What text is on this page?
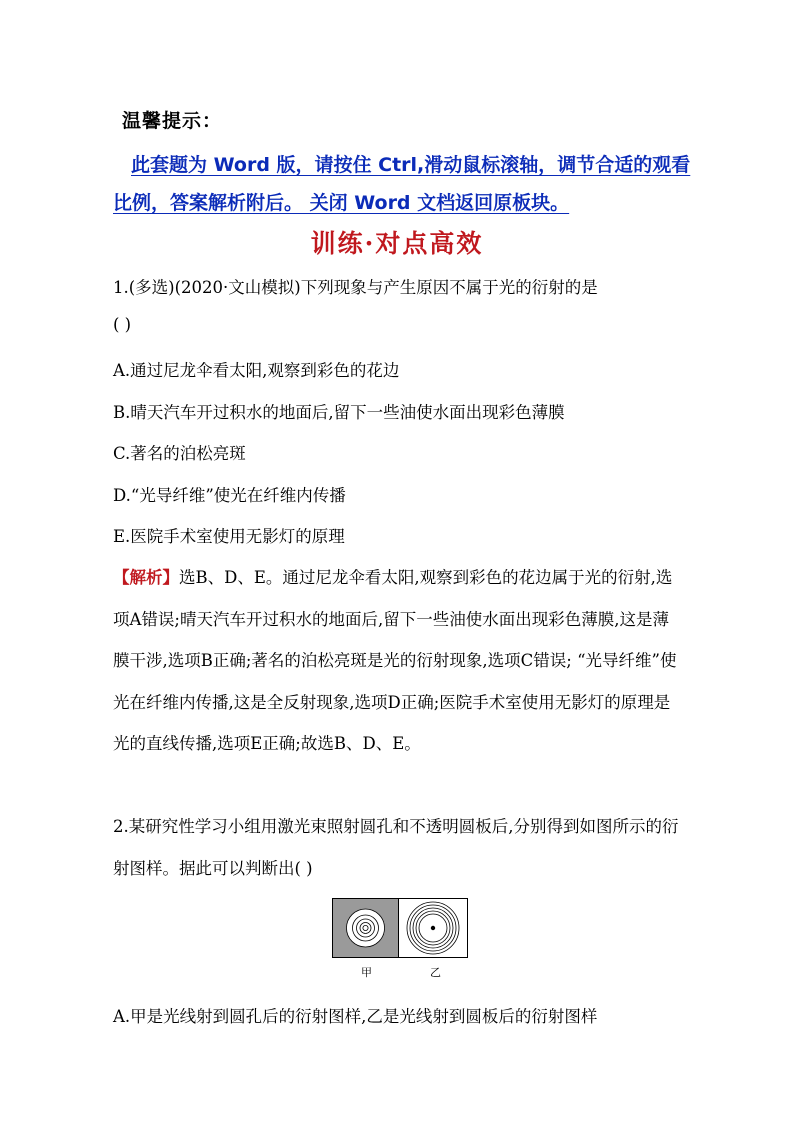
温馨提示：
此套题为 Word 版，请按住 Ctrl,滑动鼠标滚轴，调节合适的观看比例，答案解析附后。 关闭 Word 文档返回原板块。
训练·对点高效
1.(多选)(2020·文山模拟)下列现象与产生原因不属于光的衍射的是
( )
A.通过尼龙伞看太阳,观察到彩色的花边
B.晴天汽车开过积水的地面后,留下一些油使水面出现彩色薄膜
C.著名的泊松亮斑
D.“光导纤维”使光在纤维内传播
E.医院手术室使用无影灯的原理
【解析】选B、D、E。通过尼龙伞看太阳,观察到彩色的花边属于光的衍射,选项A错误;晴天汽车开过积水的地面后,留下一些油使水面出现彩色薄膜,这是薄膜干涉,选项B正确;著名的泊松亮斑是光的衍射现象,选项C错误; “光导纤维”使光在纤维内传播,这是全反射现象,选项D正确;医院手术室使用无影灯的原理是光的直线传播,选项E正确;故选B、D、E。
2.某研究性学习小组用激光束照射圆孔和不透明圆板后,分别得到如图所示的衍射图样。据此可以判断出( )
甲	乙
A.甲是光线射到圆孔后的衍射图样,乙是光线射到圆板后的衍射图样
